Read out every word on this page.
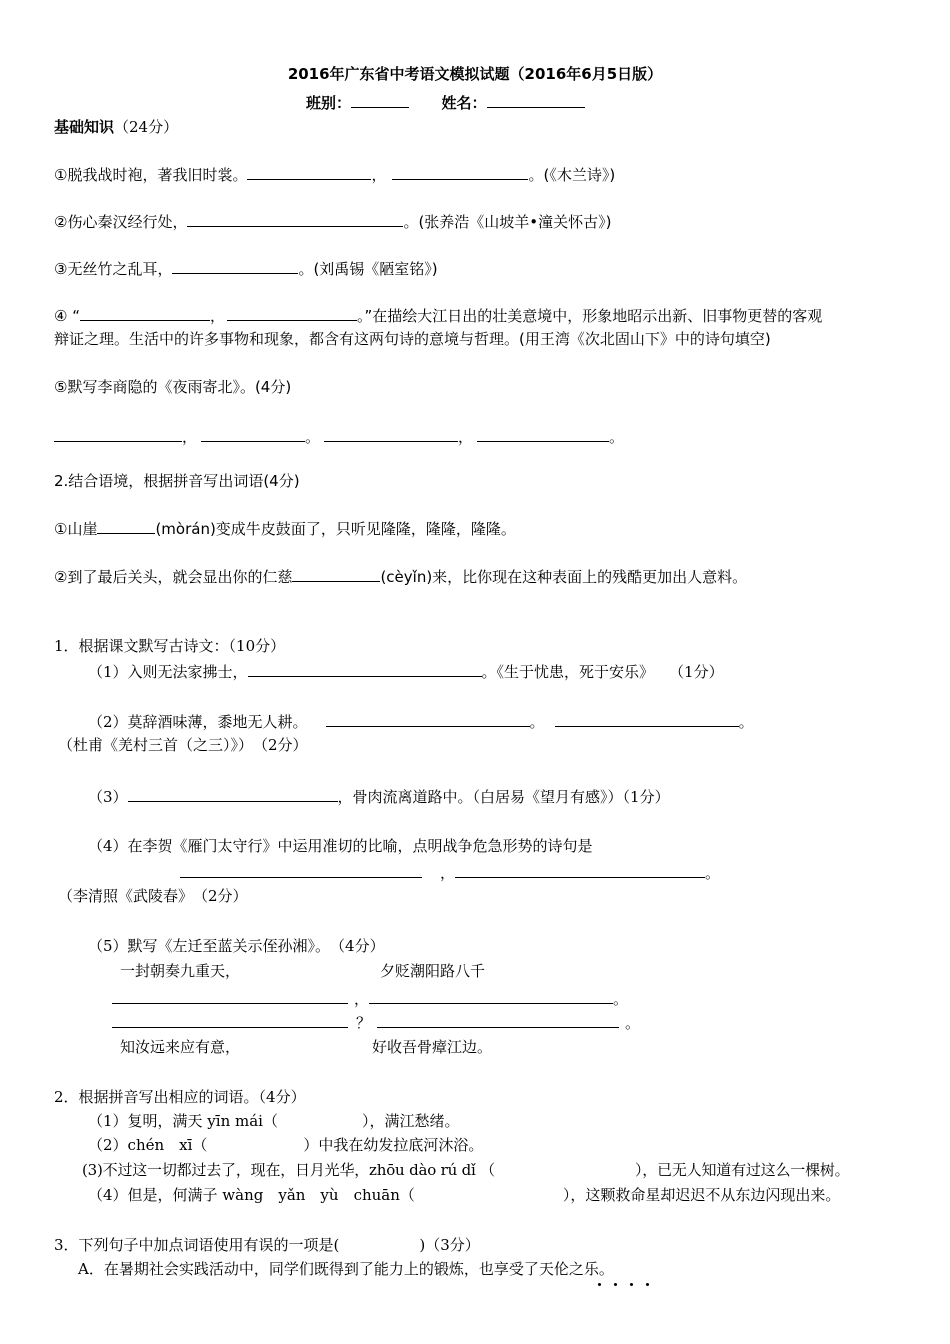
2016年广东省中考语文模拟试题（2016年6月5日版）
班别：	姓名：
基础知识（24分）
①脱我战时袍，著我旧时裳。	，	。(《木兰诗》)
②伤心秦汉经行处，	。(张养浩《山坡羊•潼关怀古》)
③无丝竹之乱耳，	。(刘禹锡《陋室铭》)
④ “	，	。”在描绘大江日出的壮美意境中，形象地昭示出新、旧事物更替的客观
辩证之理。生活中的许多事物和现象，都含有这两句诗的意境与哲理。(用王湾《次北固山下》中的诗句填空)
⑤默写李商隐的《夜雨寄北》。(4分)
，	。	，	。
2.结合语境，根据拼音写出词语(4分)
①山崖	(mòrán)变成牛皮鼓面了，只听见隆隆，隆隆，隆隆。
②到了最后关头，就会显出你的仁慈	(cèyǐn)来，比你现在这种表面上的残酷更加出人意料。
1．根据课文默写古诗文：（10分）
（1）入则无法家拂士，	。《生于忧患，死于安乐》　　（1分）
（2）莫辞酒味薄，黍地无人耕。	。	。
（杜甫《羌村三首（之三）》）　（2分）
（3）	，骨肉流离道路中。（白居易《望月有感》）（1分）
（4）在李贺《雁门太守行》中运用准切的比喻，点明战争危急形势的诗句是
，	。
（李清照《武陵春》　（2分）
（5）默写《左迁至蓝关示侄孙湘》。　（4分）
一封朝奏九重天，	夕贬潮阳路八千
，	。
？	。
知汝远来应有意，	好收吾骨瘴江边。
2．根据拼音写出相应的词语。（4分）
（1）复明，满天 yīn mái（	），满江愁绪。
（2）chén　xī（	）中我在幼发拉底河沐浴。
(3)不过这一切都过去了，现在，日月光华，zhōu dào rú dǐ （	），已无人知道有过这么一棵树。
（4）但是，何满子 wàng　yǎn　yù　chuān（	），这颗救命星却迟迟不从东边闪现出来。
3．下列句子中加点词语使用有误的一项是(	)（3分）
A．在暑期社会实践活动中，同学们既得到了能力上的锻炼，也享受了天伦之乐。
